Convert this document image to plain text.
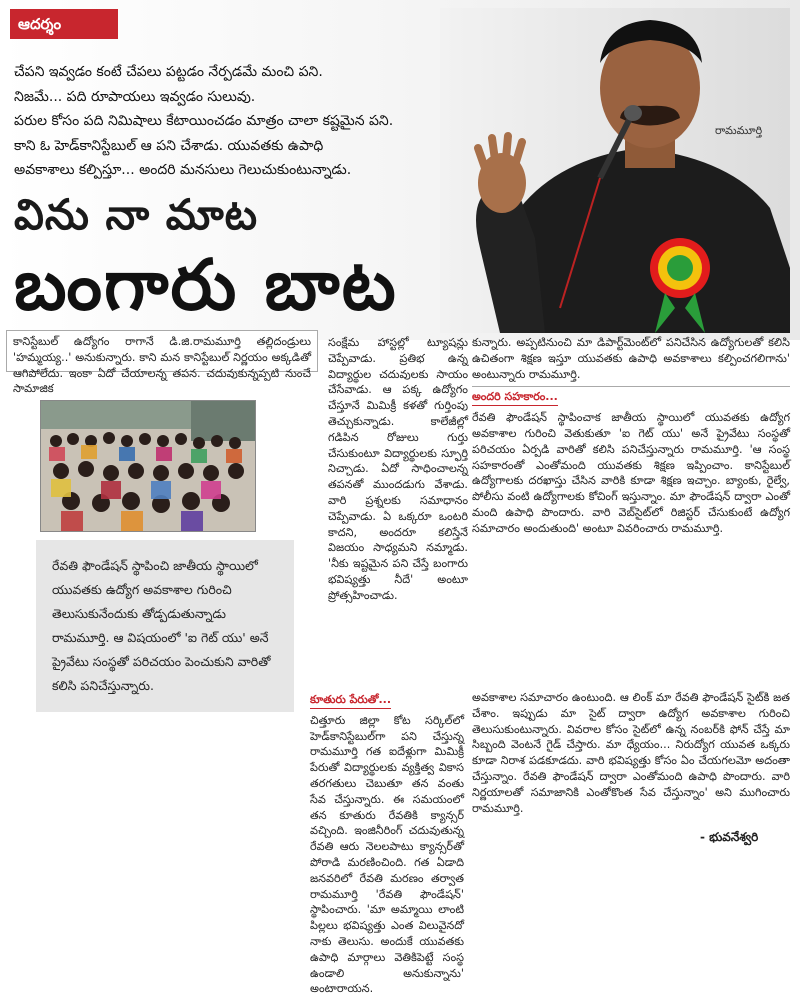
ఆదర్శం
చేపని ఇవ్వడం కంటే చేపలు పట్టడం నేర్పడమే మంచి పని.
నిజమే... పది రూపాయలు ఇవ్వడం సులువు.
పరుల కోసం పది నిమిషాలు కేటాయించడం మాత్రం చాలా కష్టమైన పని.
కాని ఓ హెడ్‌కానిస్టేబుల్ ఆ పని చేశాడు. యువతకు ఉపాధి
అవకాశాలు కల్పిస్తూ... అందరి మనసులు గెలుచుకుంటున్నాడు.
విను నా మాట
బంగారు బాట
రామమూర్తి
కానిస్టేబుల్ ఉద్యోగం రాగానే డి.జి.రామమూర్తి తల్లిదండ్రులు 'హమ్మయ్య..' అనుకున్నారు. కాని మన కానిస్టేబుల్ నిర్ణయం అక్కడితో ఆగిపోలేదు. ఇంకా ఏదో చేయాలన్న తపన. చదువుకున్నప్పటి నుంచే సామాజిక
రేవతి ఫౌండేషన్ స్థాపించి జాతీయ స్థాయిలో యువతకు ఉద్యోగ అవకాశాల గురించి తెలుసుకునేందుకు తోడ్పడుతున్నాడు రామమూర్తి. ఆ విషయంలో 'ఐ గెట్ యు' అనే ప్రైవేటు సంస్థతో పరిచయం పెంచుకుని వారితో కలిసి పనిచేస్తున్నారు.

సంక్షేమ హాస్టల్లో ట్యూషన్లు చెప్పేవాడు. ప్రతిభ ఉన్న విద్యార్థుల చదువులకు సాయం చేసేవాడు. ఆ పక్క ఉద్యోగం చేస్తూనే మిమిక్రీ కళతో గుర్తింపు తెచ్చుకున్నాడు. కాలేజీల్లో గడిపిన రోజులు గుర్తు చేసుకుంటూ విద్యార్థులకు స్ఫూర్తి నిచ్చాడు. ఏదో సాధించాలన్న తపనతో ముందడుగు వేశాడు. వారి ప్రశ్నలకు సమాధానం చెప్పేవాడు. ఏ ఒక్కరూ ఒంటరి కాదని, అందరూ కలిస్తేనే విజయం సాధ్యమని నమ్మాడు. 'నీకు ఇష్టమైన పని చేస్తే బంగారు భవిష్యత్తు నీదే' అంటూ ప్రోత్సహించాడు.

కున్నారు. అప్పటినుంచి మా డిపార్ట్‌మెంట్‌లో పనిచేసిన ఉద్యోగులతో కలిసి ఉచితంగా శిక్షణ ఇస్తూ యువతకు ఉపాధి అవకాశాలు కల్పించగలిగాను' అంటున్నారు రామమూర్తి.

అందరి సహకారం...

రేవతి ఫౌండేషన్ స్థాపించాక జాతీయ స్థాయిలో యువతకు ఉద్యోగ అవకాశాల గురించి వెతుకుతూ 'ఐ గెట్ యు' అనే ప్రైవేటు సంస్థతో పరిచయం ఏర్పడి వారితో కలిసి పనిచేస్తున్నారు రామమూర్తి. 'ఆ సంస్థ సహకారంతో ఎంతోమంది యువతకు శిక్షణ ఇప్పించాం. కానిస్టేబుల్ ఉద్యోగాలకు దరఖాస్తు చేసిన వారికి కూడా శిక్షణ ఇచ్చాం. బ్యాంకు, రైల్వే, పోలీసు వంటి ఉద్యోగాలకు కోచింగ్ ఇస్తున్నాం. మా ఫౌండేషన్ ద్వారా ఎంతో మంది ఉపాధి పొందారు. వారి వెబ్‌సైట్‌లో రిజిస్టర్ చేసుకుంటే ఉద్యోగ సమాచారం అందుతుంది' అంటూ వివరించారు రామమూర్తి.

కూతురు పేరుతో...

చిత్తూరు జిల్లా కోట సర్కిల్‌లో హెడ్‌కానిస్టేబుల్‌గా పని చేస్తున్న రామమూర్తి గత ఐదేళ్లుగా మిమిక్రీ పేరుతో విద్యార్థులకు వ్యక్తిత్వ వికాస తరగతులు చెబుతూ తన వంతు సేవ చేస్తున్నారు. ఈ సమయంలో తన కూతురు రేవతికి క్యాన్సర్ వచ్చింది. ఇంజినీరింగ్ చదువుతున్న రేవతి ఆరు నెలలపాటు క్యాన్సర్‌తో పోరాడి మరణించింది. గత ఏడాది జనవరిలో రేవతి మరణం తర్వాత రామమూర్తి 'రేవతి ఫౌండేషన్' స్థాపించారు. 'మా అమ్మాయి లాంటి పిల్లలు భవిష్యత్తు ఎంత విలువైనదో నాకు తెలుసు. అందుకే యువతకు ఉపాధి మార్గాలు వెతికిపెట్టే సంస్థ ఉండాలి అనుకున్నాను' అంటారాయన.

అవకాశాల సమాచారం ఉంటుంది. ఆ లింక్ మా రేవతి ఫౌండేషన్ సైట్‌కి జత చేశాం. ఇప్పుడు మా సైట్ ద్వారా ఉద్యోగ అవకాశాల గురించి తెలుసుకుంటున్నారు. వివరాల కోసం సైట్‌లో ఉన్న నంబర్‌కి ఫోన్ చేస్తే మా సిబ్బంది వెంటనే గైడ్ చేస్తారు. మా ధ్యేయం... నిరుద్యోగ యువత ఒక్కరు కూడా నిరాశ పడకూడదు. వారి భవిష్యత్తు కోసం ఏం చేయగలమో అదంతా చేస్తున్నాం. రేవతి ఫౌండేషన్ ద్వారా ఎంతోమంది ఉపాధి పొందారు. వారి నిర్ణయాలతో సమాజానికి ఎంతోకొంత సేవ చేస్తున్నాం' అని ముగించారు రామమూర్తి.

- భువనేశ్వరి
